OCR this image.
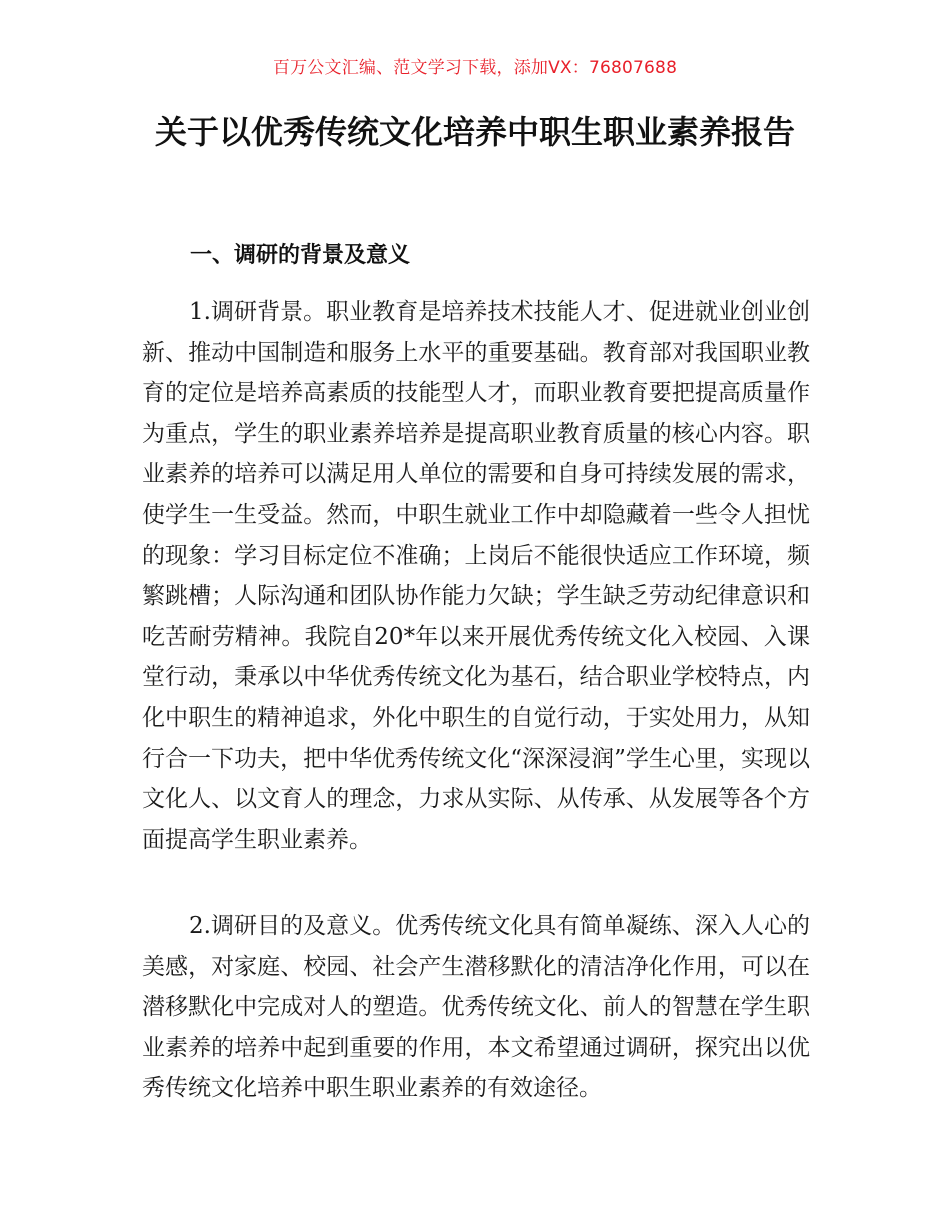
百万公文汇编、范文学习下载，添加VX：76807688
关于以优秀传统文化培养中职生职业素养报告
一、调研的背景及意义

1.调研背景。职业教育是培养技术技能人才、促进就业创业创新、推动中国制造和服务上水平的重要基础。教育部对我国职业教育的定位是培养高素质的技能型人才，而职业教育要把提高质量作为重点，学生的职业素养培养是提高职业教育质量的核心内容。职业素养的培养可以满足用人单位的需要和自身可持续发展的需求，使学生一生受益。然而，中职生就业工作中却隐藏着一些令人担忧的现象：学习目标定位不准确；上岗后不能很快适应工作环境，频繁跳槽；人际沟通和团队协作能力欠缺；学生缺乏劳动纪律意识和吃苦耐劳精神。我院自20*年以来开展优秀传统文化入校园、入课堂行动，秉承以中华优秀传统文化为基石，结合职业学校特点，内化中职生的精神追求，外化中职生的自觉行动，于实处用力，从知行合一下功夫，把中华优秀传统文化“深深浸润”学生心里，实现以文化人、以文育人的理念，力求从实际、从传承、从发展等各个方面提高学生职业素养。

2.调研目的及意义。优秀传统文化具有简单凝练、深入人心的美感，对家庭、校园、社会产生潜移默化的清洁净化作用，可以在潜移默化中完成对人的塑造。优秀传统文化、前人的智慧在学生职业素养的培养中起到重要的作用，本文希望通过调研，探究出以优秀传统文化培养中职生职业素养的有效途径。
